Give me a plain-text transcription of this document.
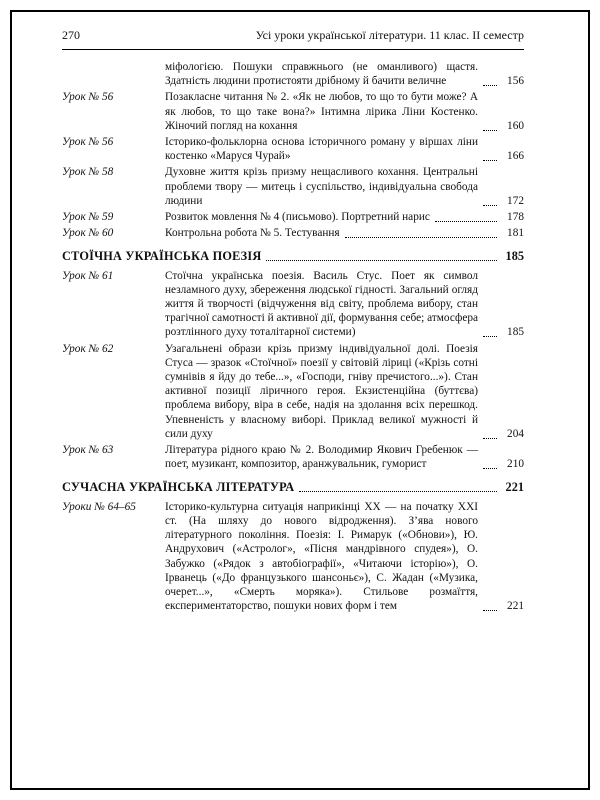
270	Усі уроки української літератури. 11 клас. ІІ семестр
міфологією. Пошуки справжнього (не оманливого) щастя. Здатність людини протистояти дрібному й бачити величне	156
Урок № 56	Позакласне читання № 2. «Як не любов, то що то бути може? А як любов, то що таке вона?» Інтимна лірика Ліни Костенко. Жіночий погляд на кохання	160
Урок № 56	Історико-фольклорна основа історичного роману у віршах ліни костенко «Маруся Чурай»	166
Урок № 58	Духовне життя крізь призму нещасливого кохання. Центральні проблеми твору — митець і суспільство, індивідуальна свобода людини	172
Урок № 59	Розвиток мовлення № 4 (письмово). Портретний нарис	178
Урок № 60	Контрольна робота № 5. Тестування	181
СТОЇЧНА УКРАЇНСЬКА ПОЕЗІЯ	185
Урок № 61	Стоїчна українська поезія. Василь Стус. Поет як символ незламного духу, збереження людської гідності. Загальний огляд життя й творчості (відчуження від світу, проблема вибору, стан трагічної самотності й активної дії, формування себе; атмосфера розтлінного духу тоталітарної системи)	185
Урок № 62	Узагальнені образи крізь призму індивідуальної долі. Поезія Стуса — зразок «Стоїчної» поезії у світовій ліриці («Крізь сотні сумнівів я йду до тебе...», «Господи, гніву пречистого...»). Стан активної позиції ліричного героя. Екзистенційна (буттєва) проблема вибору, віра в себе, надія на здолання всіх перешкод. Упевненість у власному виборі. Приклад великої мужності й сили духу	204
Урок № 63	Література рідного краю № 2. Володимир Якович Гребенюк — поет, музикант, композитор, аранжувальник, гуморист	210
СУЧАСНА УКРАЇНСЬКА ЛІТЕРАТУРА	221
Уроки № 64–65	Історико-культурна ситуація наприкінці ХХ — на початку ХХІ ст. (На шляху до нового відродження). З’ява нового літературного покоління. Поезія: І. Римарук («Обнови»), Ю. Андрухович («Астролог», «Пісня мандрівного спудея»), О. Забужко («Рядок з автобіографії», «Читаючи історію»), О. Ірванець («До французького шансоньє»), С. Жадан («Музика, очерет...», «Смерть моряка»). Стильове розмаїття, експериментаторство, пошуки нових форм і тем	221
